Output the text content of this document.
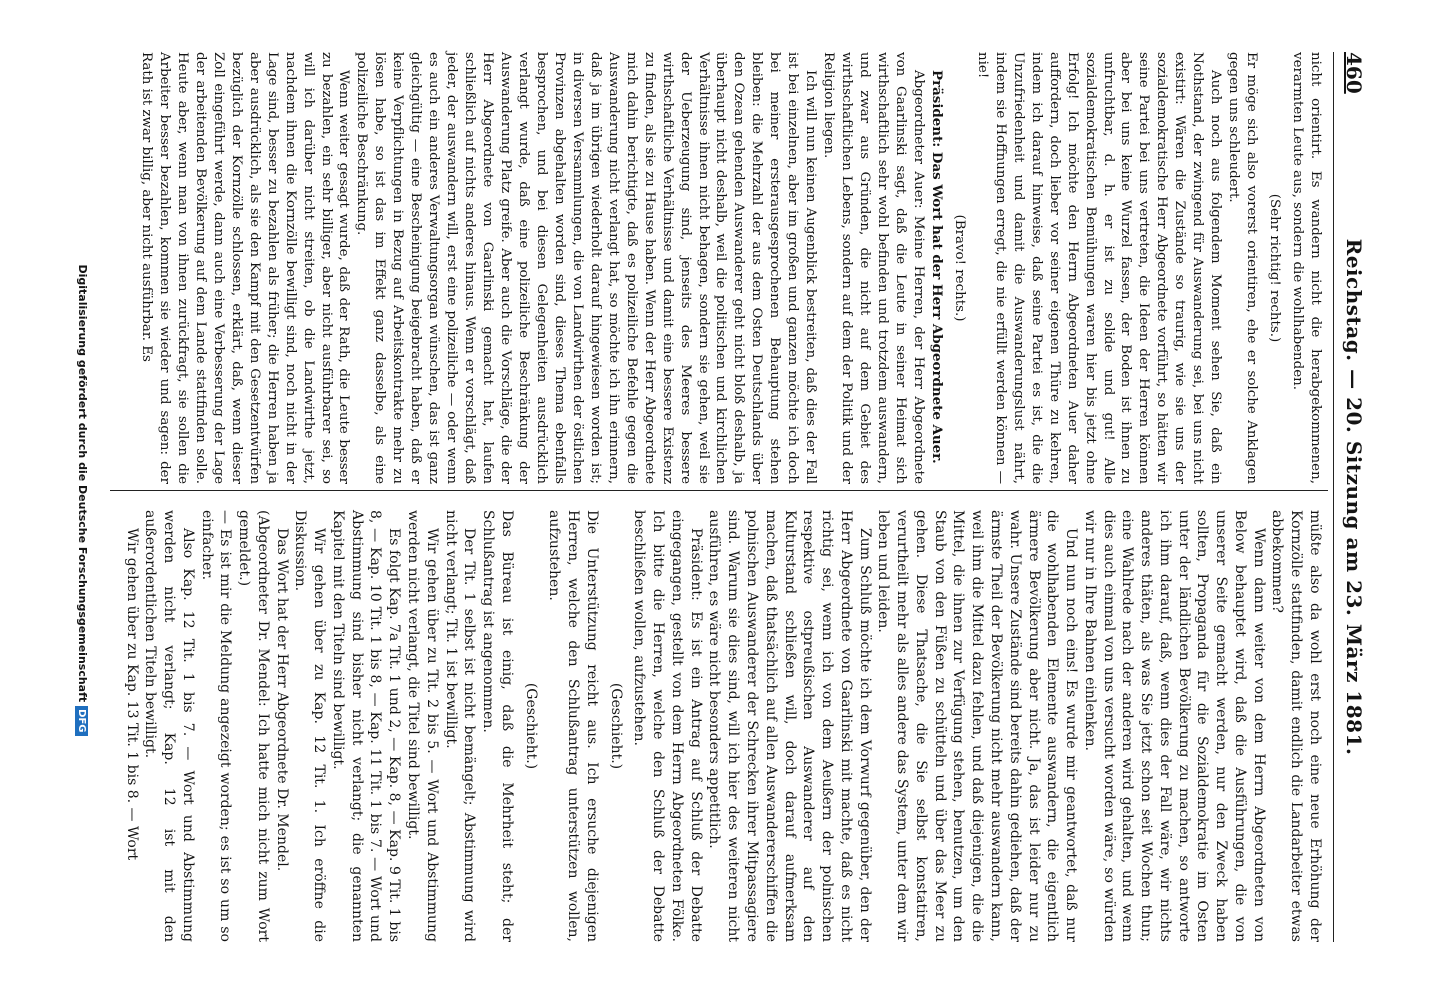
460
Reichstag. — 20. Sitzung am 23. März 1881.

nicht orientirt. Es wandern nicht die herabgekommenen, verarmten Leute aus, sondern die wohlhabenden.

(Sehr richtig! rechts.)

Er möge sich also vorerst orientiren, ehe er solche Anklagen gegen uns schleudert.

Auch noch aus folgendem Moment sehen Sie, daß ein Nothstand, der zwingend für Auswanderung sei, bei uns nicht existirt: Wären die Zustände so traurig, wie sie uns der sozialdemokratische Herr Abgeordnete vorführt, so hätten wir seine Partei bei uns vertreten, die Ideen der Herren können aber bei uns keine Wurzel fassen, der Boden ist ihnen zu unfruchtbar, d. h. er ist zu solide und gut! Alle sozialdemokratischen Bemühungen waren hier bis jetzt ohne Erfolg! Ich möchte den Herrn Abgeordneten Auer daher auffordern, doch lieber vor seiner eigenen Thüre zu kehren, indem ich darauf hinweise, daß seine Partei es ist, die die Unzufriedenheit und damit die Auswanderungslust nährt, indem sie Hoffnungen erregt, die nie erfüllt werden können — nie!

(Bravo! rechts.)

Präsident: Das Wort hat der Herr Abgeordnete Auer.

Abgeordneter Auer: Meine Herren, der Herr Abgeordnete von Gaarlinski sagt, daß die Leute in seiner Heimat sich wirthschaftlich sehr wohl befinden und trotzdem auswandern, und zwar aus Gründen, die nicht auf dem Gebiet des wirthschaftlichen Lebens, sondern auf dem der Politik und der Religion liegen.

Ich will nun keinen Augenblick bestreiten, daß dies der Fall ist bei einzelnen, aber im großen und ganzen möchte ich doch bei meiner ersterausgesprochenen Behauptung stehen bleiben: die Mehrzahl der aus dem Osten Deutschlands über den Ozean gehenden Auswanderer geht nicht bloß deshalb, ja überhaupt nicht deshalb, weil die politischen und kirchlichen Verhältnisse ihnen nicht behagen, sondern sie gehen, weil sie der Ueberzeugung sind, jenseits des Meeres bessere wirthschaftliche Verhältnisse und damit eine bessere Existenz zu finden, als sie zu Hause haben. Wenn der Herr Abgeordnete mich dahin berichtigte, daß es polizeiliche Befehle gegen die Auswanderung nicht verlangt hat, so möchte ich ihn erinnern, daß ja im übrigen wiederholt darauf hingewiesen worden ist; in diversen Versammlungen, die von Landwirthen der östlichen Provinzen abgehalten worden sind, dieses Thema ebenfalls besprochen, und bei diesen Gelegenheiten ausdrücklich verlangt wurde, daß eine polizeiliche Beschränkung der Auswanderung Platz greife. Aber auch die Vorschläge, die der Herr Abgeordnete von Gaarlinski gemacht hat, laufen schließlich auf nichts anderes hinaus. Wenn er vorschlägt, daß jeder, der auswandern will, erst eine polizeiliche — oder wenn es auch ein anderes Verwaltungsorgan wünschen, das ist ganz gleichgültig — eine Bescheinigung beigebracht haben, daß er keine Verpflichtungen in Bezug auf Arbeitskontrakte mehr zu lösen habe, so ist das im Effekt ganz dasselbe, als eine polizeiliche Beschränkung.

Wenn weiter gesagt wurde, daß der Rath, die Leute besser zu bezahlen, ein sehr billiger, aber nicht ausführbarer sei, so will ich darüber nicht streiten, ob die Landwirthe jetzt, nachdem ihnen die Kornzölle bewilligt sind, noch nicht in der Lage sind, besser zu bezahlen als früher; die Herren haben ja aber ausdrücklich, als sie den Kampf mit den Gesetzentwürfen bezüglich der Kornzölle schlossen, erklärt, daß, wenn dieser Zoll eingeführt werde, dann auch eine Verbesserung der Lage der arbeitenden Bevölkerung auf dem Lande stattfinden solle. Heute aber, wenn man von ihnen zurückfragt, sie sollen die Arbeiter besser bezahlen, kommen sie wieder und sagen: der Rath ist zwar billig, aber nicht ausführbar. Es

müßte also da wohl erst noch eine neue Erhöhung der Kornzölle stattfinden, damit endlich die Landarbeiter etwas abbekommen?

Wenn dann weiter von dem Herrn Abgeordneten von Below behauptet wird, daß die Ausführungen, die von unserer Seite gemacht werden, nur den Zweck haben sollten, Propaganda für die Sozialdemokratie im Osten unter der ländlichen Bevölkerung zu machen, so antworte ich ihm darauf, daß, wenn dies der Fall wäre, wir nichts anderes thäten, als was Sie jetzt schon seit Wochen thun; eine Wahlrede nach der anderen wird gehalten, und wenn dies auch einmal von uns versucht worden wäre, so würden wir nur in Ihre Bahnen einlenken.

Und nun noch eins! Es wurde mir geantwortet, daß nur die wohlhabenden Elemente auswandern, die eigentlich ärmere Bevölkerung aber nicht. Ja, das ist leider nur zu wahr. Unsere Zustände sind bereits dahin gediehen, daß der ärmste Theil der Bevölkerung nicht mehr auswandern kann, weil ihm die Mittel dazu fehlen, und daß diejenigen, die die Mittel, die ihnen zur Verfügung stehen, benutzen, um den Staub von den Füßen zu schütteln und über das Meer zu gehen. Diese Thatsache, die Sie selbst konstatiren, verurtheilt mehr als alles andere das System, unter dem wir leben und leiden.

Zum Schluß möchte ich dem Vorwurf gegenüber, den der Herr Abgeordnete von Gaarlinski mit machte, daß es nicht richtig sei, wenn ich von dem Aeußern der polnischen respektive ostpreußischen Auswanderer auf den Kulturstand schließen will, doch darauf aufmerksam machen, daß thatsächlich auf allen Auswandererschiffen die polnischen Auswanderer der Schrecken ihrer Mitpassagiere sind. Warum sie dies sind, will ich hier des weiteren nicht ausführen, es wäre nicht besonders appetitlich.

Präsident: Es ist ein Antrag auf Schluß der Debatte eingegangen, gestellt von dem Herrn Abgeordneten Fölke. Ich bitte die Herren, welche den Schluß der Debatte beschließen wollen, aufzustehen.

(Geschieht.)

Die Unterstützung reicht aus. Ich ersuche diejenigen Herren, welche den Schlußantrag unterstützen wollen, aufzustehen.

(Geschieht.)

Das Büreau ist einig, daß die Mehrheit steht; der Schlußantrag ist angenommen.

Der Tit. 1 selbst ist nicht bemängelt; Abstimmung wird nicht verlangt; Tit. 1 ist bewilligt.

Wir gehen über zu Tit. 2 bis 5. — Wort und Abstimmung werden nicht verlangt, die Titel sind bewilligt.

Es folgt Kap. 7a Tit. 1 und 2, — Kap. 8, — Kap. 9 Tit. 1 bis 8, — Kap. 10 Tit. 1 bis 8, — Kap. 11 Tit. 1 bis 7. — Wort und Abstimmung sind bisher nicht verlangt; die genannten Kapitel mit den Titeln sind bewilligt.

Wir gehen über zu Kap. 12 Tit. 1. Ich eröffne die Diskussion.

Das Wort hat der Herr Abgeordnete Dr. Mendel.

(Abgeordneter Dr. Mendel: Ich hatte mich nicht zum Wort gemeldet.)

— Es ist mir die Meldung angezeigt worden; es ist so um so einfacher.

Also Kap. 12 Tit. 1 bis 7. — Wort und Abstimmung werden nicht verlangt; Kap. 12 ist mit den außerordentlichen Titeln bewilligt.

Wir gehen über zu Kap. 13 Tit. 1 bis 8. — Wort

Digitalisierung gefördert durch die Deutsche ForschungsgemeinschaftDFG
